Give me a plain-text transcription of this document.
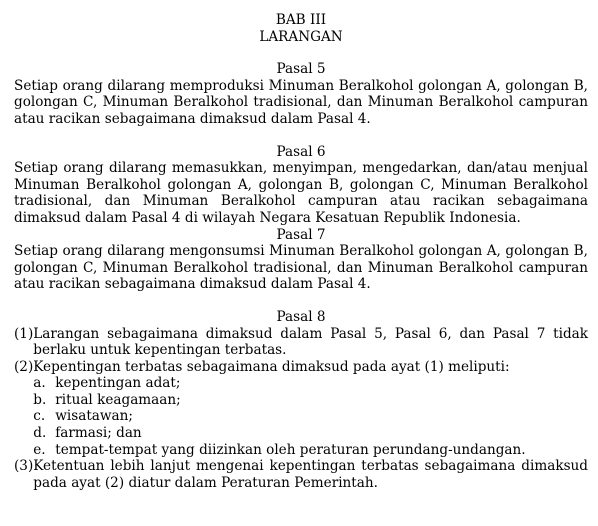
BAB III
LARANGAN
Pasal 5
Setiap orang dilarang memproduksi Minuman Beralkohol golongan A, golongan B, golongan C, Minuman Beralkohol tradisional, dan Minuman Beralkohol campuran atau racikan sebagaimana dimaksud dalam Pasal 4.
Pasal 6
Setiap orang dilarang memasukkan, menyimpan, mengedarkan, dan/atau menjual Minuman Beralkohol golongan A, golongan B, golongan C, Minuman Beralkohol tradisional, dan Minuman Beralkohol campuran atau racikan sebagaimana dimaksud dalam Pasal 4 di wilayah Negara Kesatuan Republik Indonesia.
Pasal 7
Setiap orang dilarang mengonsumsi Minuman Beralkohol golongan A, golongan B, golongan C, Minuman Beralkohol tradisional, dan Minuman Beralkohol campuran atau racikan sebagaimana dimaksud dalam Pasal 4.
Pasal 8
(1) Larangan sebagaimana dimaksud dalam Pasal 5, Pasal 6, dan Pasal 7 tidak berlaku untuk kepentingan terbatas.
(2) Kepentingan terbatas sebagaimana dimaksud pada ayat (1) meliputi:
a. kepentingan adat;
b. ritual keagamaan;
c. wisatawan;
d. farmasi; dan
e. tempat-tempat yang diizinkan oleh peraturan perundang-undangan.
(3) Ketentuan lebih lanjut mengenai kepentingan terbatas sebagaimana dimaksud pada ayat (2) diatur dalam Peraturan Pemerintah.
